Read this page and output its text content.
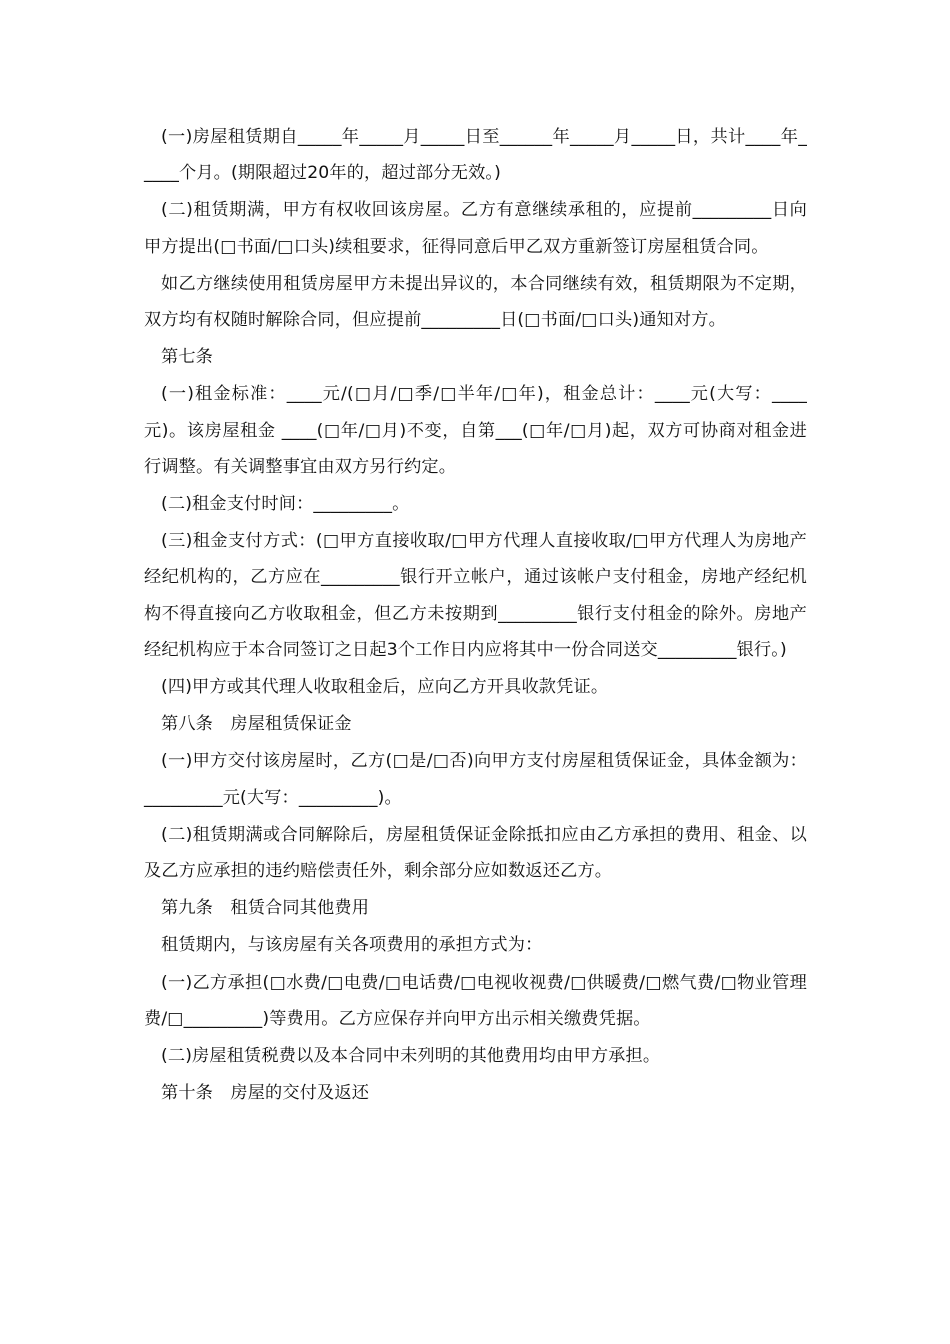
(一)房屋租赁期自_____年_____月_____日至______年_____月_____日，共计____年_____个月。(期限超过20年的，超过部分无效。)

(二)租赁期满，甲方有权收回该房屋。乙方有意继续承租的，应提前_________日向甲方提出(□书面/□口头)续租要求，征得同意后甲乙双方重新签订房屋租赁合同。

如乙方继续使用租赁房屋甲方未提出异议的，本合同继续有效，租赁期限为不定期，双方均有权随时解除合同，但应提前_________日(□书面/□口头)通知对方。

第七条

(一)租金标准：____元/(□月/□季/□半年/□年)，租金总计：____元(大写：____元)。该房屋租金 ____(□年/□月)不变，自第___(□年/□月)起，双方可协商对租金进行调整。有关调整事宜由双方另行约定。

(二)租金支付时间：_________。

(三)租金支付方式：(□甲方直接收取/□甲方代理人直接收取/□甲方代理人为房地产经纪机构的，乙方应在_________银行开立帐户，通过该帐户支付租金，房地产经纪机构不得直接向乙方收取租金，但乙方未按期到_________银行支付租金的除外。房地产经纪机构应于本合同签订之日起3个工作日内应将其中一份合同送交_________银行。)

(四)甲方或其代理人收取租金后，应向乙方开具收款凭证。

第八条　房屋租赁保证金

(一)甲方交付该房屋时，乙方(□是/□否)向甲方支付房屋租赁保证金，具体金额为：_________元(大写：_________)。

(二)租赁期满或合同解除后，房屋租赁保证金除抵扣应由乙方承担的费用、租金、以及乙方应承担的违约赔偿责任外，剩余部分应如数返还乙方。

第九条　租赁合同其他费用

租赁期内，与该房屋有关各项费用的承担方式为：

(一)乙方承担(□水费/□电费/□电话费/□电视收视费/□供暖费/□燃气费/□物业管理费/□_________)等费用。乙方应保存并向甲方出示相关缴费凭据。

(二)房屋租赁税费以及本合同中未列明的其他费用均由甲方承担。

第十条　房屋的交付及返还
